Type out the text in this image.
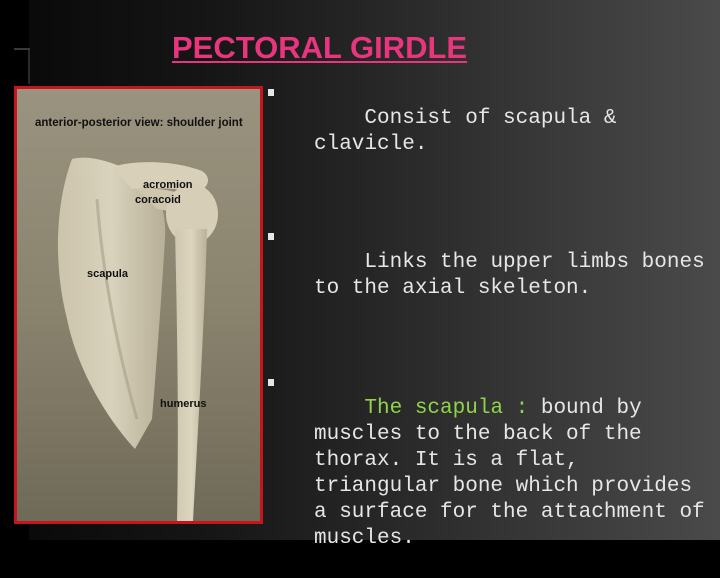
PECTORAL GIRDLE
anterior-posterior view: shoulder joint
acromion
coracoid
scapula
humerus

Consist of scapula & clavicle.

Links the upper limbs bones to the axial skeleton.

The scapula : bound by muscles to the back of the thorax. It is a flat, triangular bone which provides a surface for the attachment of muscles.
